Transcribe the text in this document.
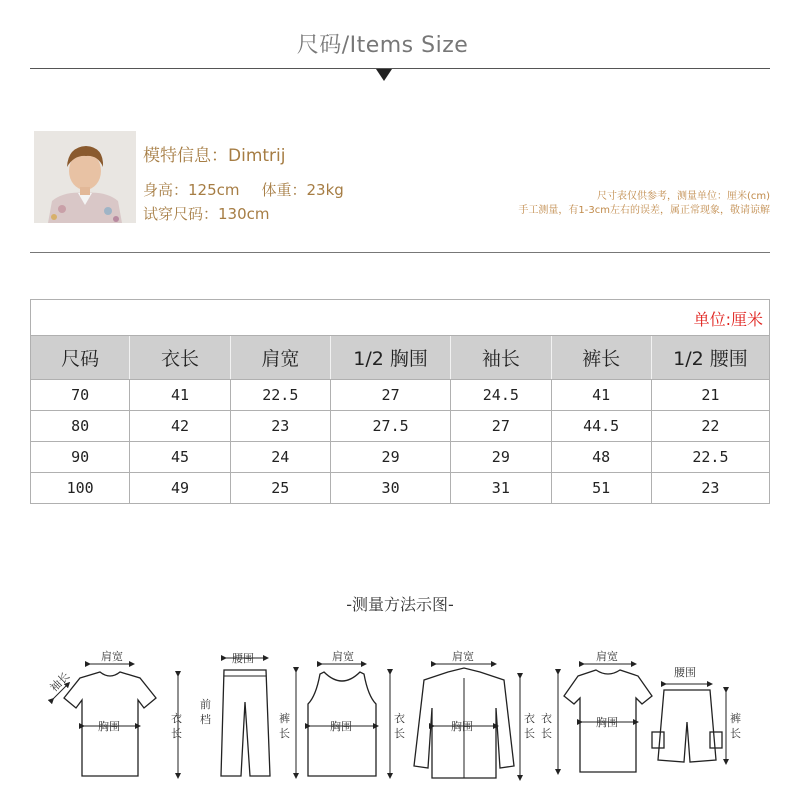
尺码/Items Size
模特信息：Dimtrij
身高：125cm 体重：23kg
试穿尺码：130cm
尺寸表仅供参考，测量单位：厘米(cm)
手工测量，有1-3cm左右的误差，属正常现象，敬请谅解
单位:厘米
尺码	衣长	肩宽	1/2 胸围	袖长	裤长	1/2 腰围
70	41	22.5	27	24.5	41	21
80	42	23	27.5	27	44.5	22
90	45	24	29	29	48	22.5
100	49	25	30	31	51	23
-测量方法示图-
肩宽
胸围
袖长
衣
长
腰围
前
档	裤
长
肩宽
胸围
衣
长
肩宽
胸围
衣
长
肩宽
胸围
衣
长
腰围
裤
长
